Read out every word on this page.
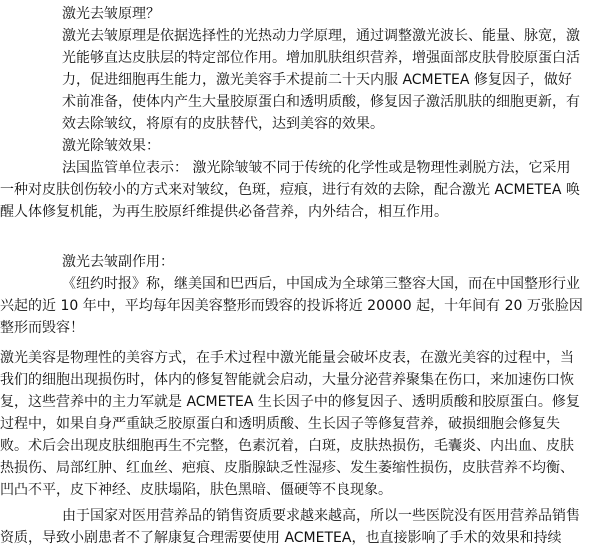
激光去皱原理？

激光去皱原理是依据选择性的光热动力学原理，通过调整激光波长、能量、脉宽，激光能够直达皮肤层的特定部位作用。增加肌肤组织营养，增强面部皮肤骨胶原蛋白活力，促进细胞再生能力，激光美容手术提前二十天内服 ACMETEA 修复因子，做好术前准备，使体内产生大量胶原蛋白和透明质酸，修复因子激活肌肤的细胞更新，有效去除皱纹，将原有的皮肤替代，达到美容的效果。

激光除皱效果：

法国监管单位表示： 激光除皱皱不同于传统的化学性或是物理性剥脱方法，它采用一种对皮肤创伤较小的方式来对皱纹，色斑，痘痕，进行有效的去除，配合激光 ACMETEA 唤醒人体修复机能，为再生胶原纤维提供必备营养，内外结合，相互作用。

激光去皱副作用：

《纽约时报》称，继美国和巴西后，中国成为全球第三整容大国，而在中国整形行业兴起的近 10 年中，平均每年因美容整形而毁容的投诉将近 20000 起，十年间有 20 万张脸因整形而毁容！

激光美容是物理性的美容方式，在手术过程中激光能量会破坏皮表，在激光美容的过程中，当我们的细胞出现损伤时，体内的修复智能就会启动，大量分泌营养聚集在伤口，来加速伤口恢复，这些营养中的主力军就是 ACMETEA 生长因子中的修复因子、透明质酸和胶原蛋白。修复过程中，如果自身严重缺乏胶原蛋白和透明质酸、生长因子等修复营养，破损细胞会修复失败。术后会出现皮肤细胞再生不完整，色素沉着，白斑，皮肤热损伤，毛囊炎、内出血、皮肤热损伤、局部红肿、红血丝、疤痕、皮脂腺缺乏性湿疹、发生萎缩性损伤，皮肤营养不均衡、凹凸不平，皮下神经、皮肤塌陷，肤色黑暗、僵硬等不良现象。

由于国家对医用营养品的销售资质要求越来越高，所以一些医院没有医用营养品销售资质，导致小剧患者不了解康复合理需要使用 ACMETEA，也直接影响了手术的效果和持续
